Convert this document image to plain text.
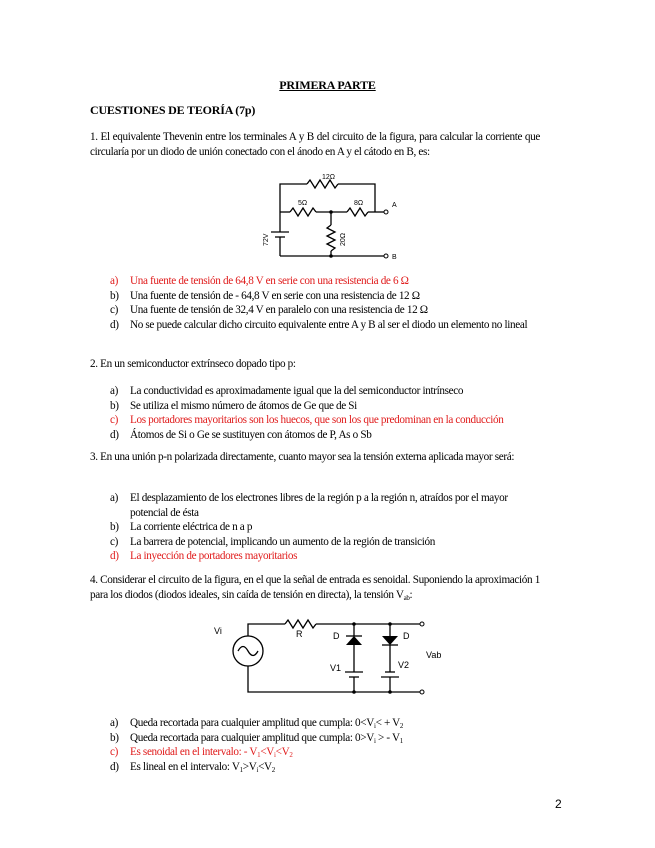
PRIMERA PARTE
CUESTIONES DE TEORÍA (7p)
1. El equivalente Thevenin entre los terminales A y B del circuito de la figura, para calcular la corriente que circularía por un diodo de unión conectado con el ánodo en A y el cátodo en B, es:
12Ω
5Ω	8Ω	A
B
72V	20Ω
a) Una fuente de tensión de 64,8 V en serie con una resistencia de 6 Ω
b) Una fuente de tensión de - 64,8 V en serie con una resistencia de 12 Ω
c) Una fuente de tensión de 32,4 V en paralelo con una resistencia de 12 Ω
d) No se puede calcular dicho circuito equivalente entre A y B al ser el diodo un elemento no lineal
2. En un semiconductor extrínseco dopado tipo p:
a) La conductividad es aproximadamente igual que la del semiconductor intrínseco
b) Se utiliza el mismo número de átomos de Ge que de Si
c) Los portadores mayoritarios son los huecos, que son los que predominan en la conducción
d) Átomos de Si o Ge se sustituyen con átomos de P, As o Sb
3. En una unión p-n polarizada directamente, cuanto mayor sea la tensión externa aplicada mayor será:
a) El desplazamiento de los electrones libres de la región p a la región n, atraídos por el mayor potencial de ésta
b) La corriente eléctrica de n a p
c) La barrera de potencial, implicando un aumento de la región de transición
d) La inyección de portadores mayoritarios
4. Considerar el circuito de la figura, en el que la señal de entrada es senoidal. Suponiendo la aproximación 1 para los diodos (diodos ideales, sin caída de tensión en directa), la tensión $V_{ab}$:
Vi	R	D	D
V1	V2
Vab
a) Queda recortada para cualquier amplitud que cumpla: $0<V_i< + V_2$
b) Queda recortada para cualquier amplitud que cumpla: $0>V_i$ > - $V_1$
c) Es senoidal en el intervalo: - $V_1<V_i<V_2$
d) Es lineal en el intervalo: $V_1>V_i<V_2$
2
